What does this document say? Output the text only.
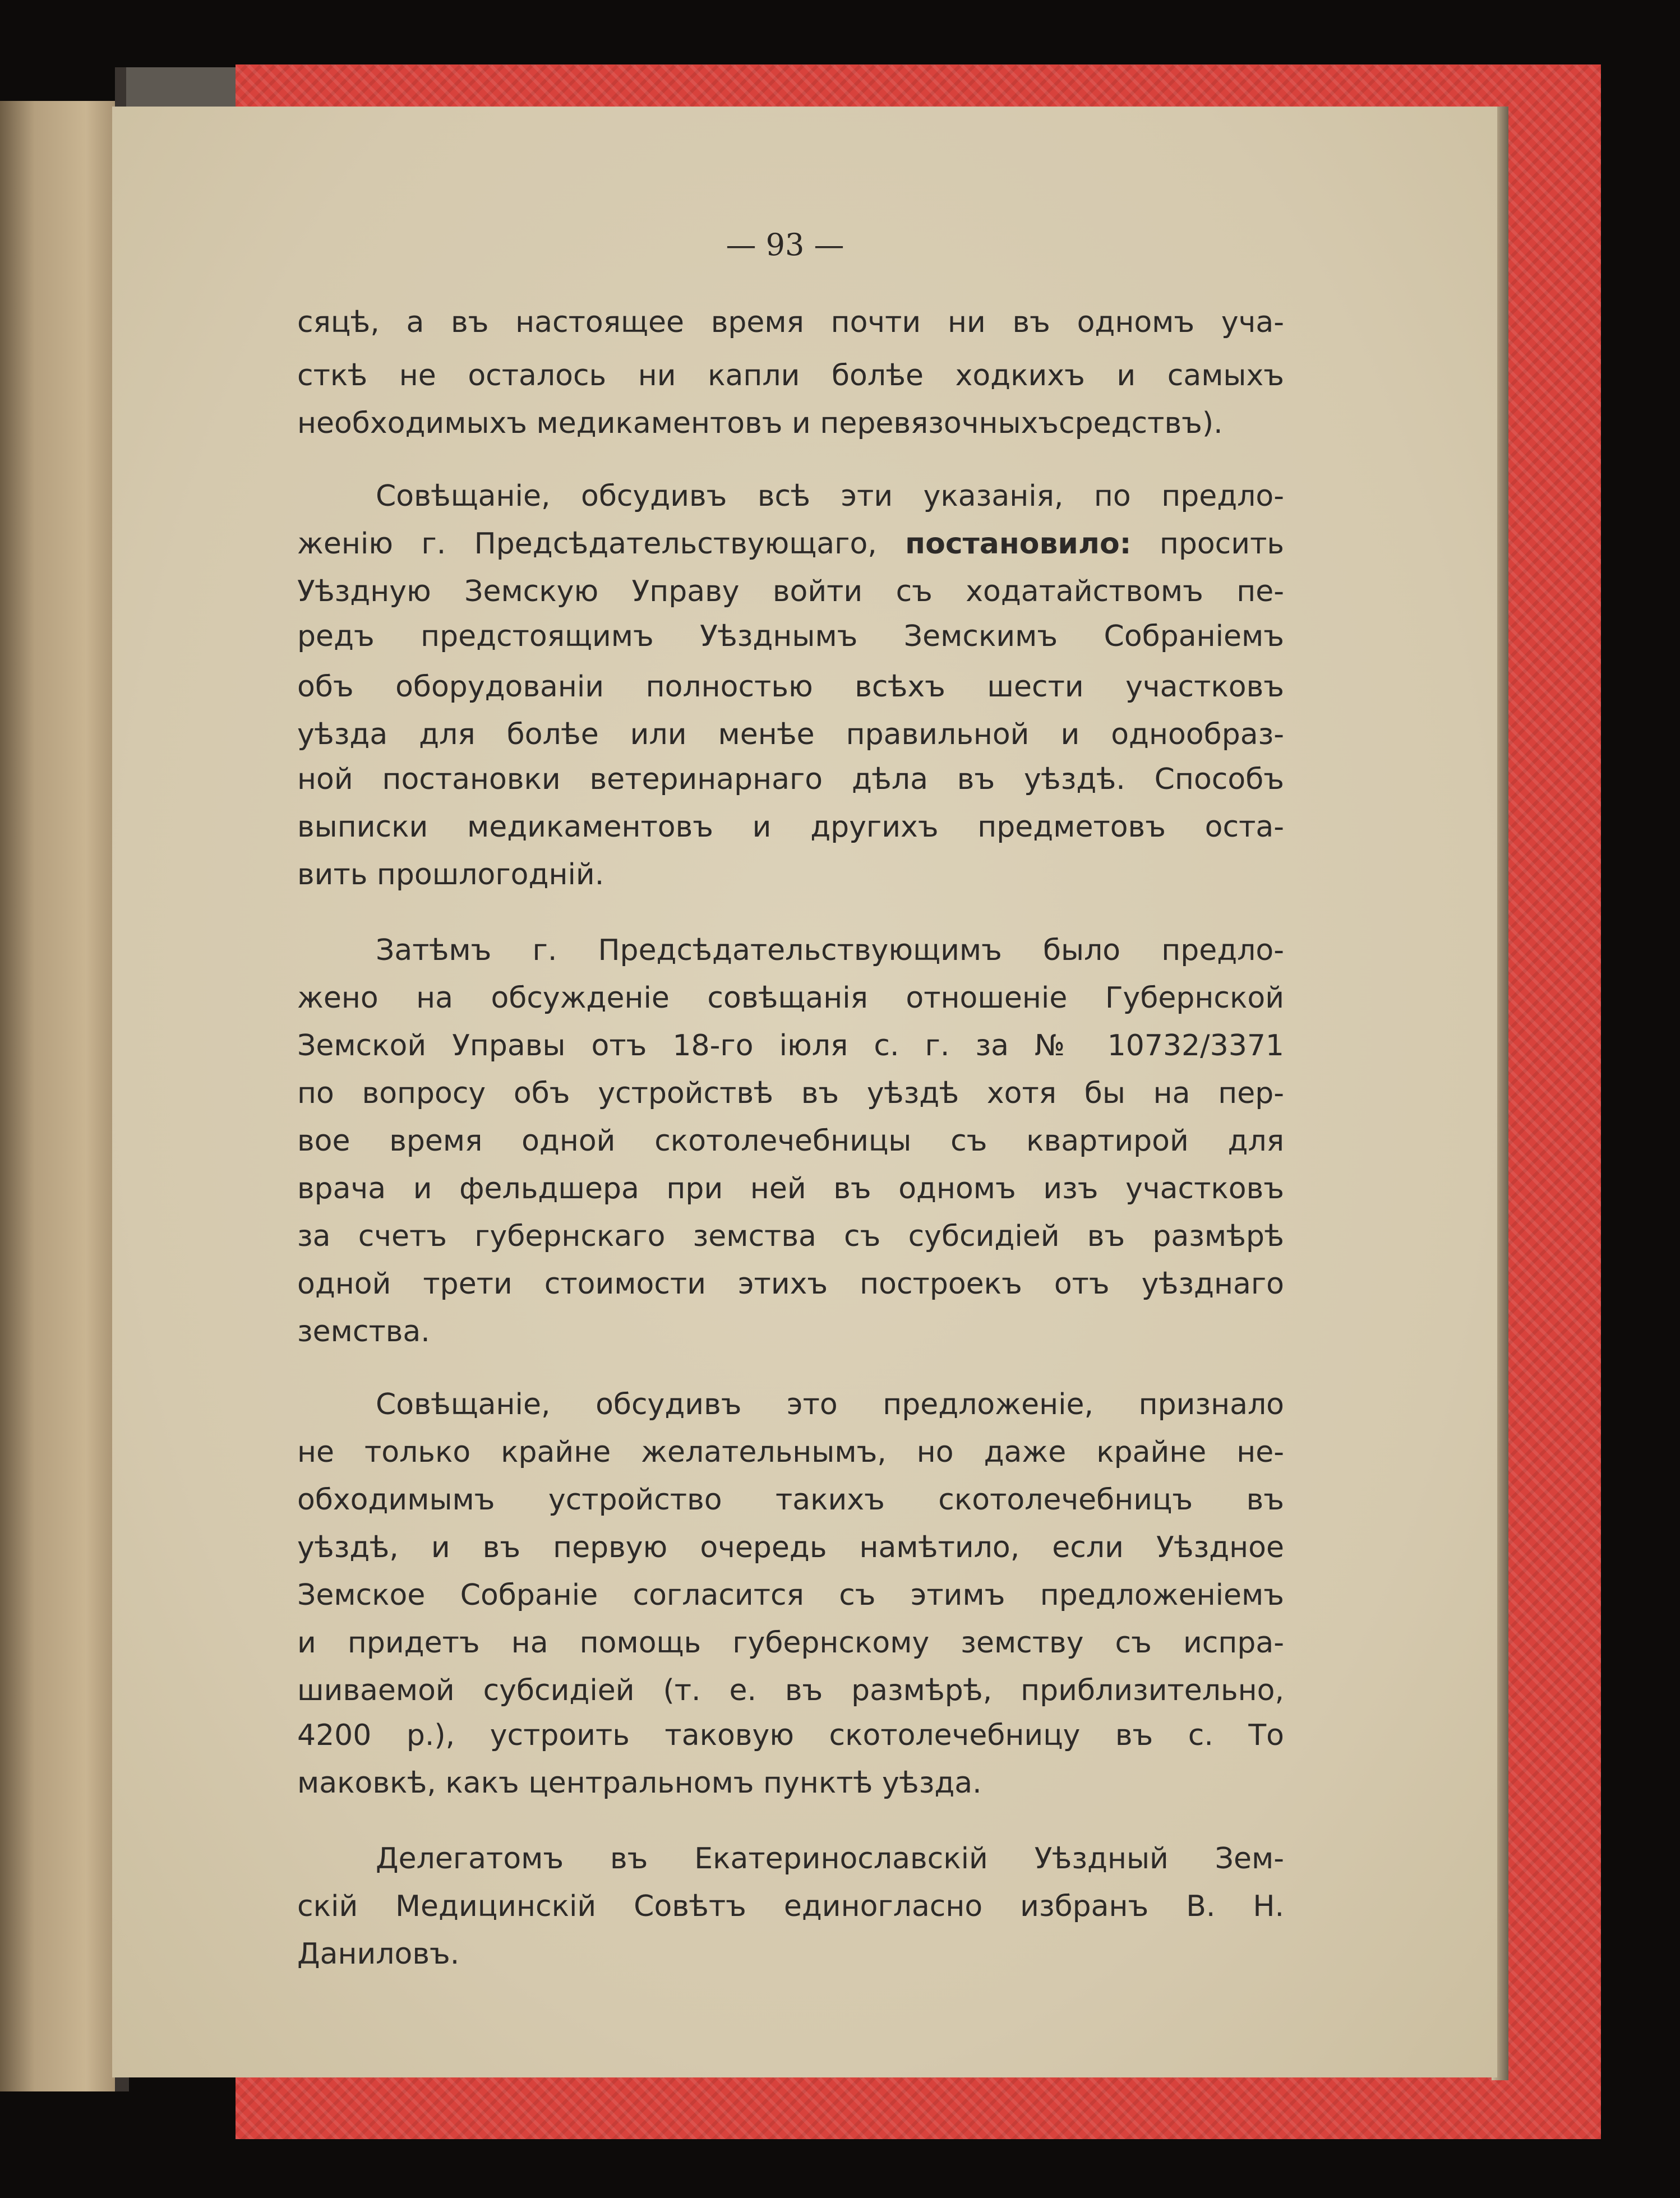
— 93 —
сяцѣ, а въ настоящее время почти ни въ одномъ уча-
сткѣ не осталось ни капли болѣе ходкихъ и самыхъ
необходимыхъ медикаментовъ и перевязочныхъсредствъ).
Совѣщаніе, обсудивъ всѣ эти указанія, по предло-
женію г. Предсѣдательствующаго, постановило: просить
Уѣздную Земскую Управу войти съ ходатайствомъ пе-
редъ предстоящимъ Уѣзднымъ Земскимъ Собраніемъ
объ оборудованіи полностью всѣхъ шести участковъ
уѣзда для болѣе или менѣе правильной и однообраз-
ной постановки ветеринарнаго дѣла въ уѣздѣ. Способъ
выписки медикаментовъ и другихъ предметовъ оста-
вить прошлогодній.
Затѣмъ г. Предсѣдательствующимъ было предло-
жено на обсужденіе совѣщанія отношеніе Губернской
Земской Управы отъ 18-го іюля с. г. за № 10732/3371
по вопросу объ устройствѣ въ уѣздѣ хотя бы на пер-
вое время одной скотолечебницы съ квартирой для
врача и фельдшера при ней въ одномъ изъ участковъ
за счетъ губернскаго земства съ субсидіей въ размѣрѣ
одной трети стоимости этихъ построекъ отъ уѣзднаго
земства.
Совѣщаніе, обсудивъ это предложеніе, признало
не только крайне желательнымъ, но даже крайне не-
обходимымъ устройство такихъ скотолечебницъ въ
уѣздѣ, и въ первую очередь намѣтило, если Уѣздное
Земское Собраніе согласится съ этимъ предложеніемъ
и придетъ на помощь губернскому земству съ испра-
шиваемой субсидіей (т. е. въ размѣрѣ, приблизительно,
4200 р.), устроить таковую скотолечебницу въ с. То
маковкѣ, какъ центральномъ пунктѣ уѣзда.
Делегатомъ въ Екатеринославскій Уѣздный Зем-
скій Медицинскій Совѣтъ единогласно избранъ В. Н.
Даниловъ.
